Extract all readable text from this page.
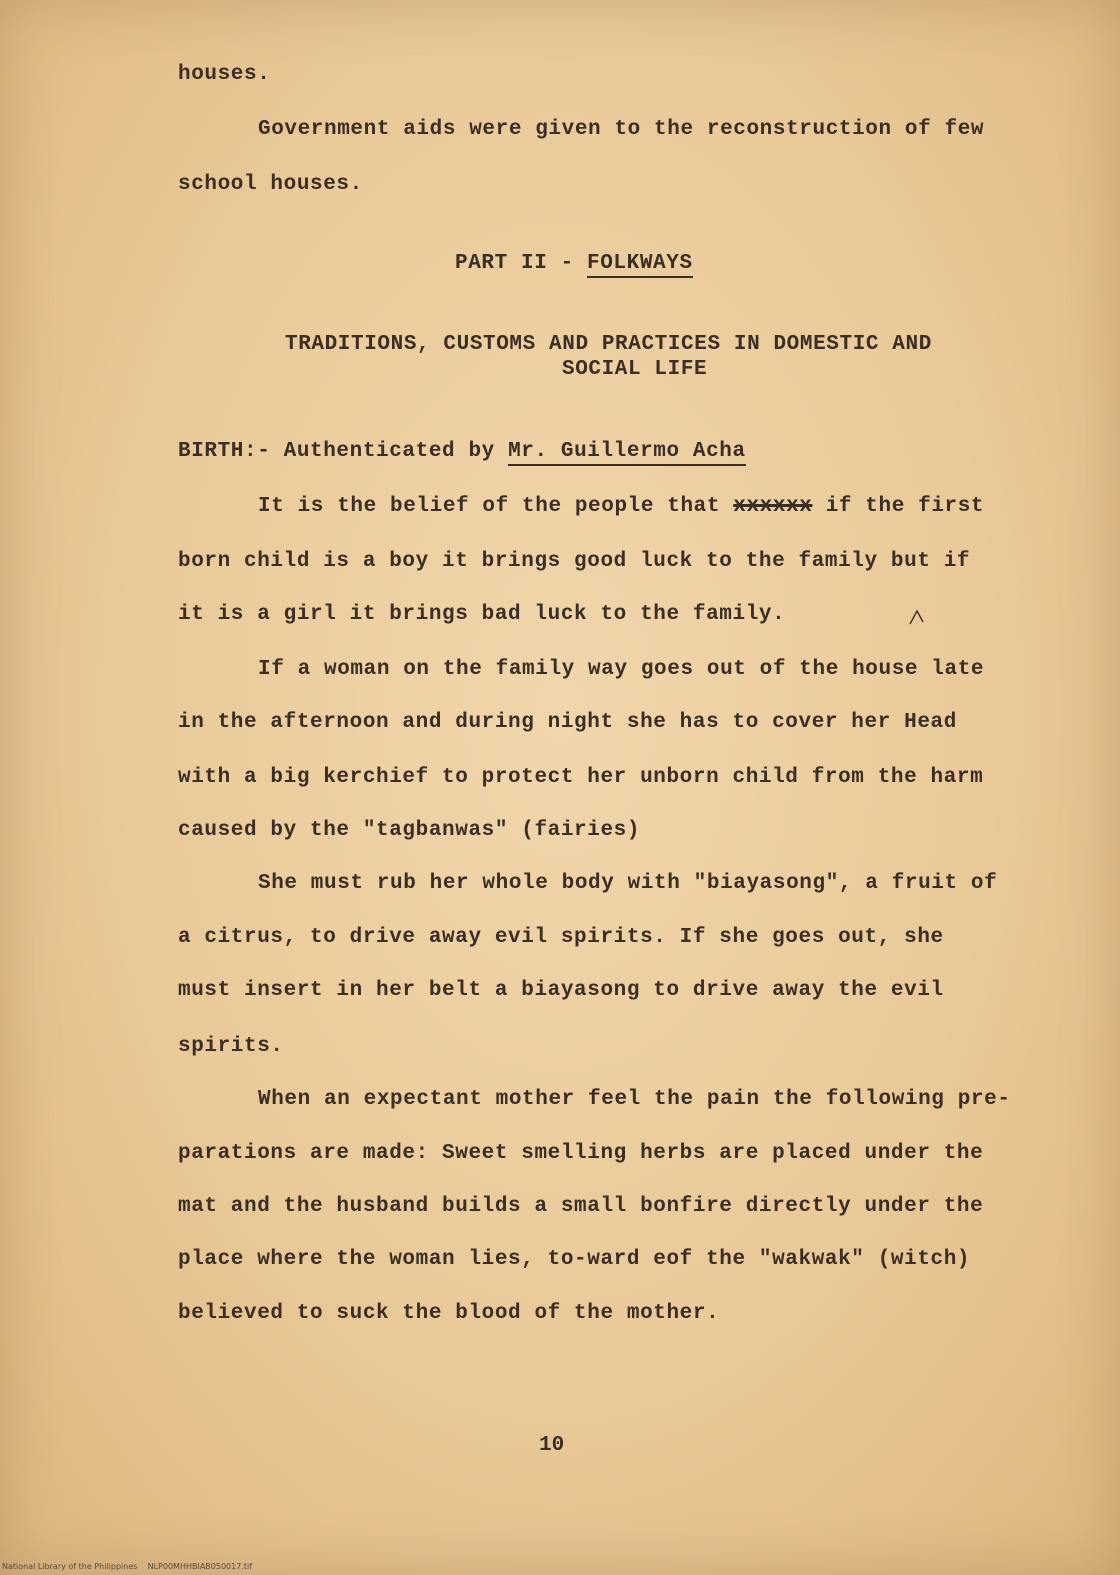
houses.
Government aids were given to the reconstruction of few
school houses.
PART II - FOLKWAYS
TRADITIONS, CUSTOMS AND PRACTICES IN DOMESTIC AND
SOCIAL LIFE
BIRTH:- Authenticated by Mr. Guillermo Acha
It is the belief of the people that xxxxxx if the first
born child is a boy it brings good luck to the family but if
it is a girl it brings bad luck to the family.
If a woman on the family way goes out of the house late
in the afternoon and during night she has to cover her Head
with a big kerchief to protect her unborn child from the harm
caused by the "tagbanwas" (fairies)
She must rub her whole body with "biayasong", a fruit of
a citrus, to drive away evil spirits. If she goes out, she
must insert in her belt a biayasong to drive away the evil
spirits.
When an expectant mother feel the pain the following pre-
parations are made: Sweet smelling herbs are placed under the
mat and the husband builds a small bonfire directly under the
place where the woman lies, to-ward eof the "wakwak" (witch)
believed to suck the blood of the mother.
10
National Library of the Philippines    NLP00MHHBIAB050017.tif
